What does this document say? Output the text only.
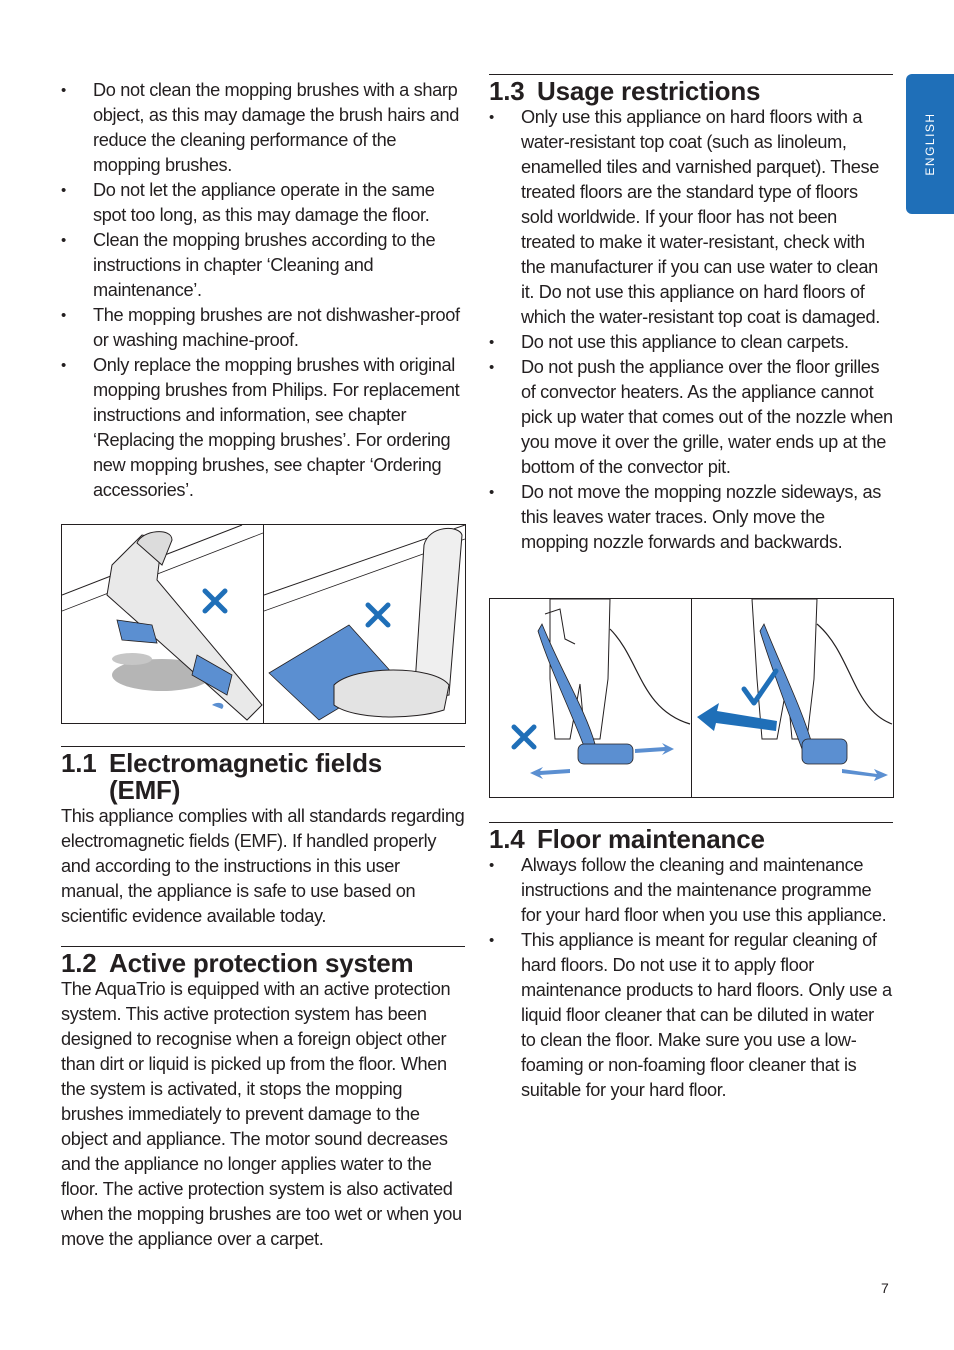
ENGLISH
• Do not clean the mopping brushes with a sharp object, as this may damage the brush hairs and reduce the cleaning performance of the mopping brushes.
• Do not let the appliance operate in the same spot too long, as this may damage the floor.
• Clean the mopping brushes according to the instructions in chapter ‘Cleaning and maintenance’.
• The mopping brushes are not dishwasher-proof or washing machine-proof.
• Only replace the mopping brushes with original mopping brushes from Philips. For replacement instructions and information, see chapter ‘Replacing the mopping brushes’. For ordering new mopping brushes, see chapter ‘Ordering accessories’.
1.1 Electromagnetic fields
(EMF)

This appliance complies with all standards regarding electromagnetic fields (EMF). If handled properly and according to the instructions in this user manual, the appliance is safe to use based on scientific evidence available today.

1.2 Active protection system

The AquaTrio is equipped with an active protection system. This active protection system has been designed to recognise when a foreign object other than dirt or liquid is picked up from the floor. When the system is activated, it stops the mopping brushes immediately to prevent damage to the object and appliance. The motor sound decreases and the appliance no longer applies water to the floor. The active protection system is also activated when the mopping brushes are too wet or when you move the appliance over a carpet.

1.3 Usage restrictions
• Only use this appliance on hard floors with a water-resistant top coat (such as linoleum, enamelled tiles and varnished parquet). These treated floors are the standard type of floors sold worldwide. If your floor has not been treated to make it water-resistant, check with the manufacturer if you can use water to clean it. Do not use this appliance on hard floors of which the water-resistant top coat is damaged.
• Do not use this appliance to clean carpets.
• Do not push the appliance over the floor grilles of convector heaters. As the appliance cannot pick up water that comes out of the nozzle when you move it over the grille, water ends up at the bottom of the convector pit.
• Do not move the mopping nozzle sideways, as this leaves water traces. Only move the mopping nozzle forwards and backwards.
1.4 Floor maintenance
• Always follow the cleaning and maintenance instructions and the maintenance programme for your hard floor when you use this appliance.
• This appliance is meant for regular cleaning of hard floors. Do not use it to apply floor maintenance products to hard floors. Only use a liquid floor cleaner that can be diluted in water to clean the floor. Make sure you use a low-foaming or non-foaming floor cleaner that is suitable for your hard floor.
7
